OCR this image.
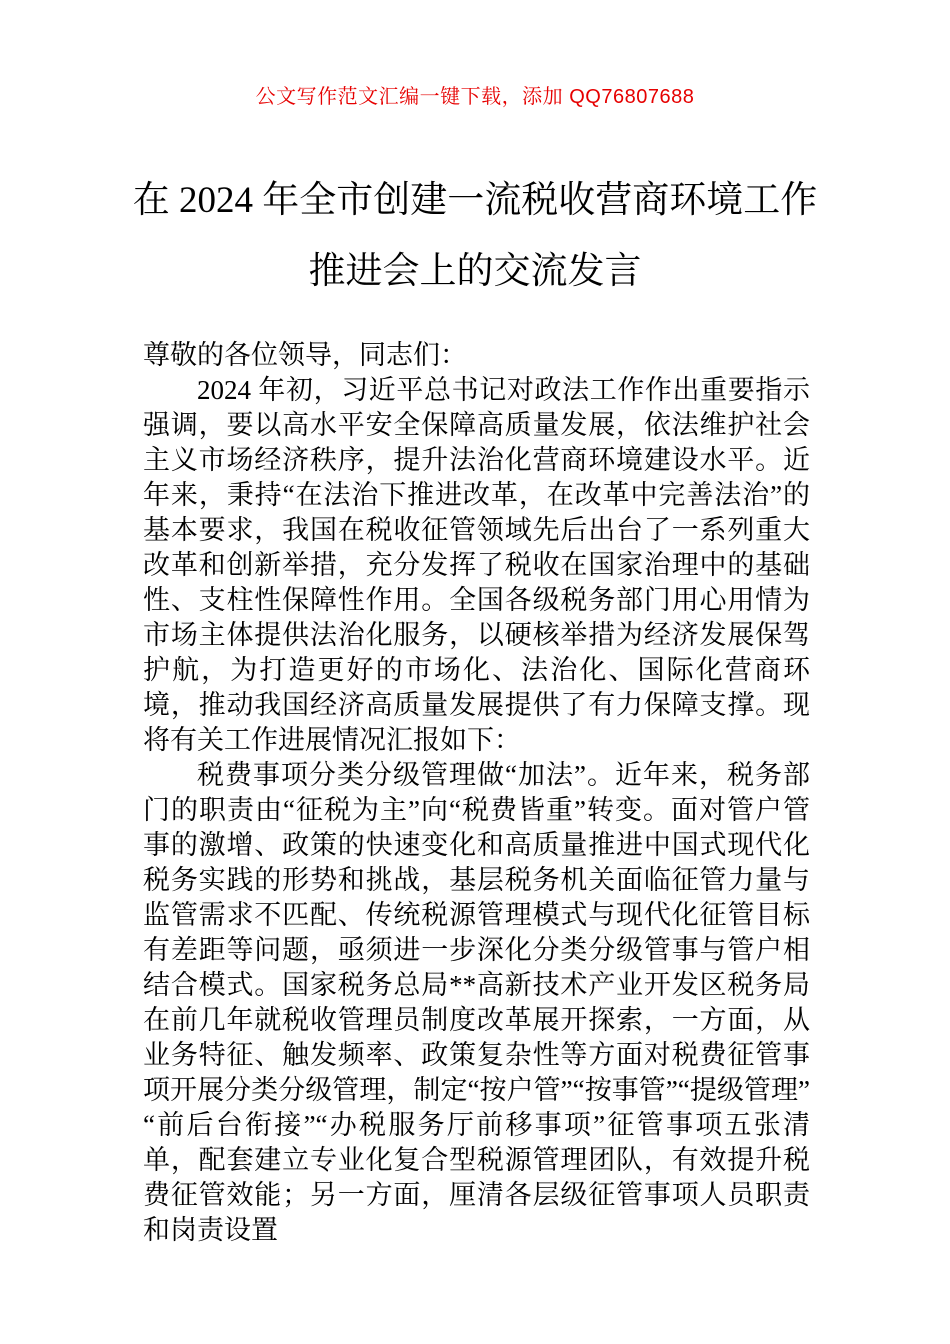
公文写作范文汇编一键下载，添加 QQ76807688
在 2024 年全市创建一流税收营商环境工作
推进会上的交流发言

尊敬的各位领导，同志们：

2024 年初，习近平总书记对政法工作作出重要指示强调，要以高水平安全保障高质量发展，依法维护社会主义市场经济秩序，提升法治化营商环境建设水平。近年来，秉持“在法治下推进改革，在改革中完善法治”的基本要求，我国在税收征管领域先后出台了一系列重大改革和创新举措，充分发挥了税收在国家治理中的基础性、支柱性保障性作用。全国各级税务部门用心用情为市场主体提供法治化服务，以硬核举措为经济发展保驾护航，为打造更好的市场化、法治化、国际化营商环境，推动我国经济高质量发展提供了有力保障支撑。现将有关工作进展情况汇报如下：

税费事项分类分级管理做“加法”。近年来，税务部门的职责由“征税为主”向“税费皆重”转变。面对管户管事的激增、政策的快速变化和高质量推进中国式现代化税务实践的形势和挑战，基层税务机关面临征管力量与监管需求不匹配、传统税源管理模式与现代化征管目标有差距等问题，亟须进一步深化分类分级管事与管户相结合模式。国家税务总局**高新技术产业开发区税务局在前几年就税收管理员制度改革展开探索，一方面，从业务特征、触发频率、政策复杂性等方面对税费征管事项开展分类分级管理，制定“按户管”“按事管”“提级管理”“前后台衔接”“办税服务厅前移事项”征管事项五张清单，配套建立专业化复合型税源管理团队，有效提升税费征管效能；另一方面，厘清各层级征管事项人员职责和岗责设置
